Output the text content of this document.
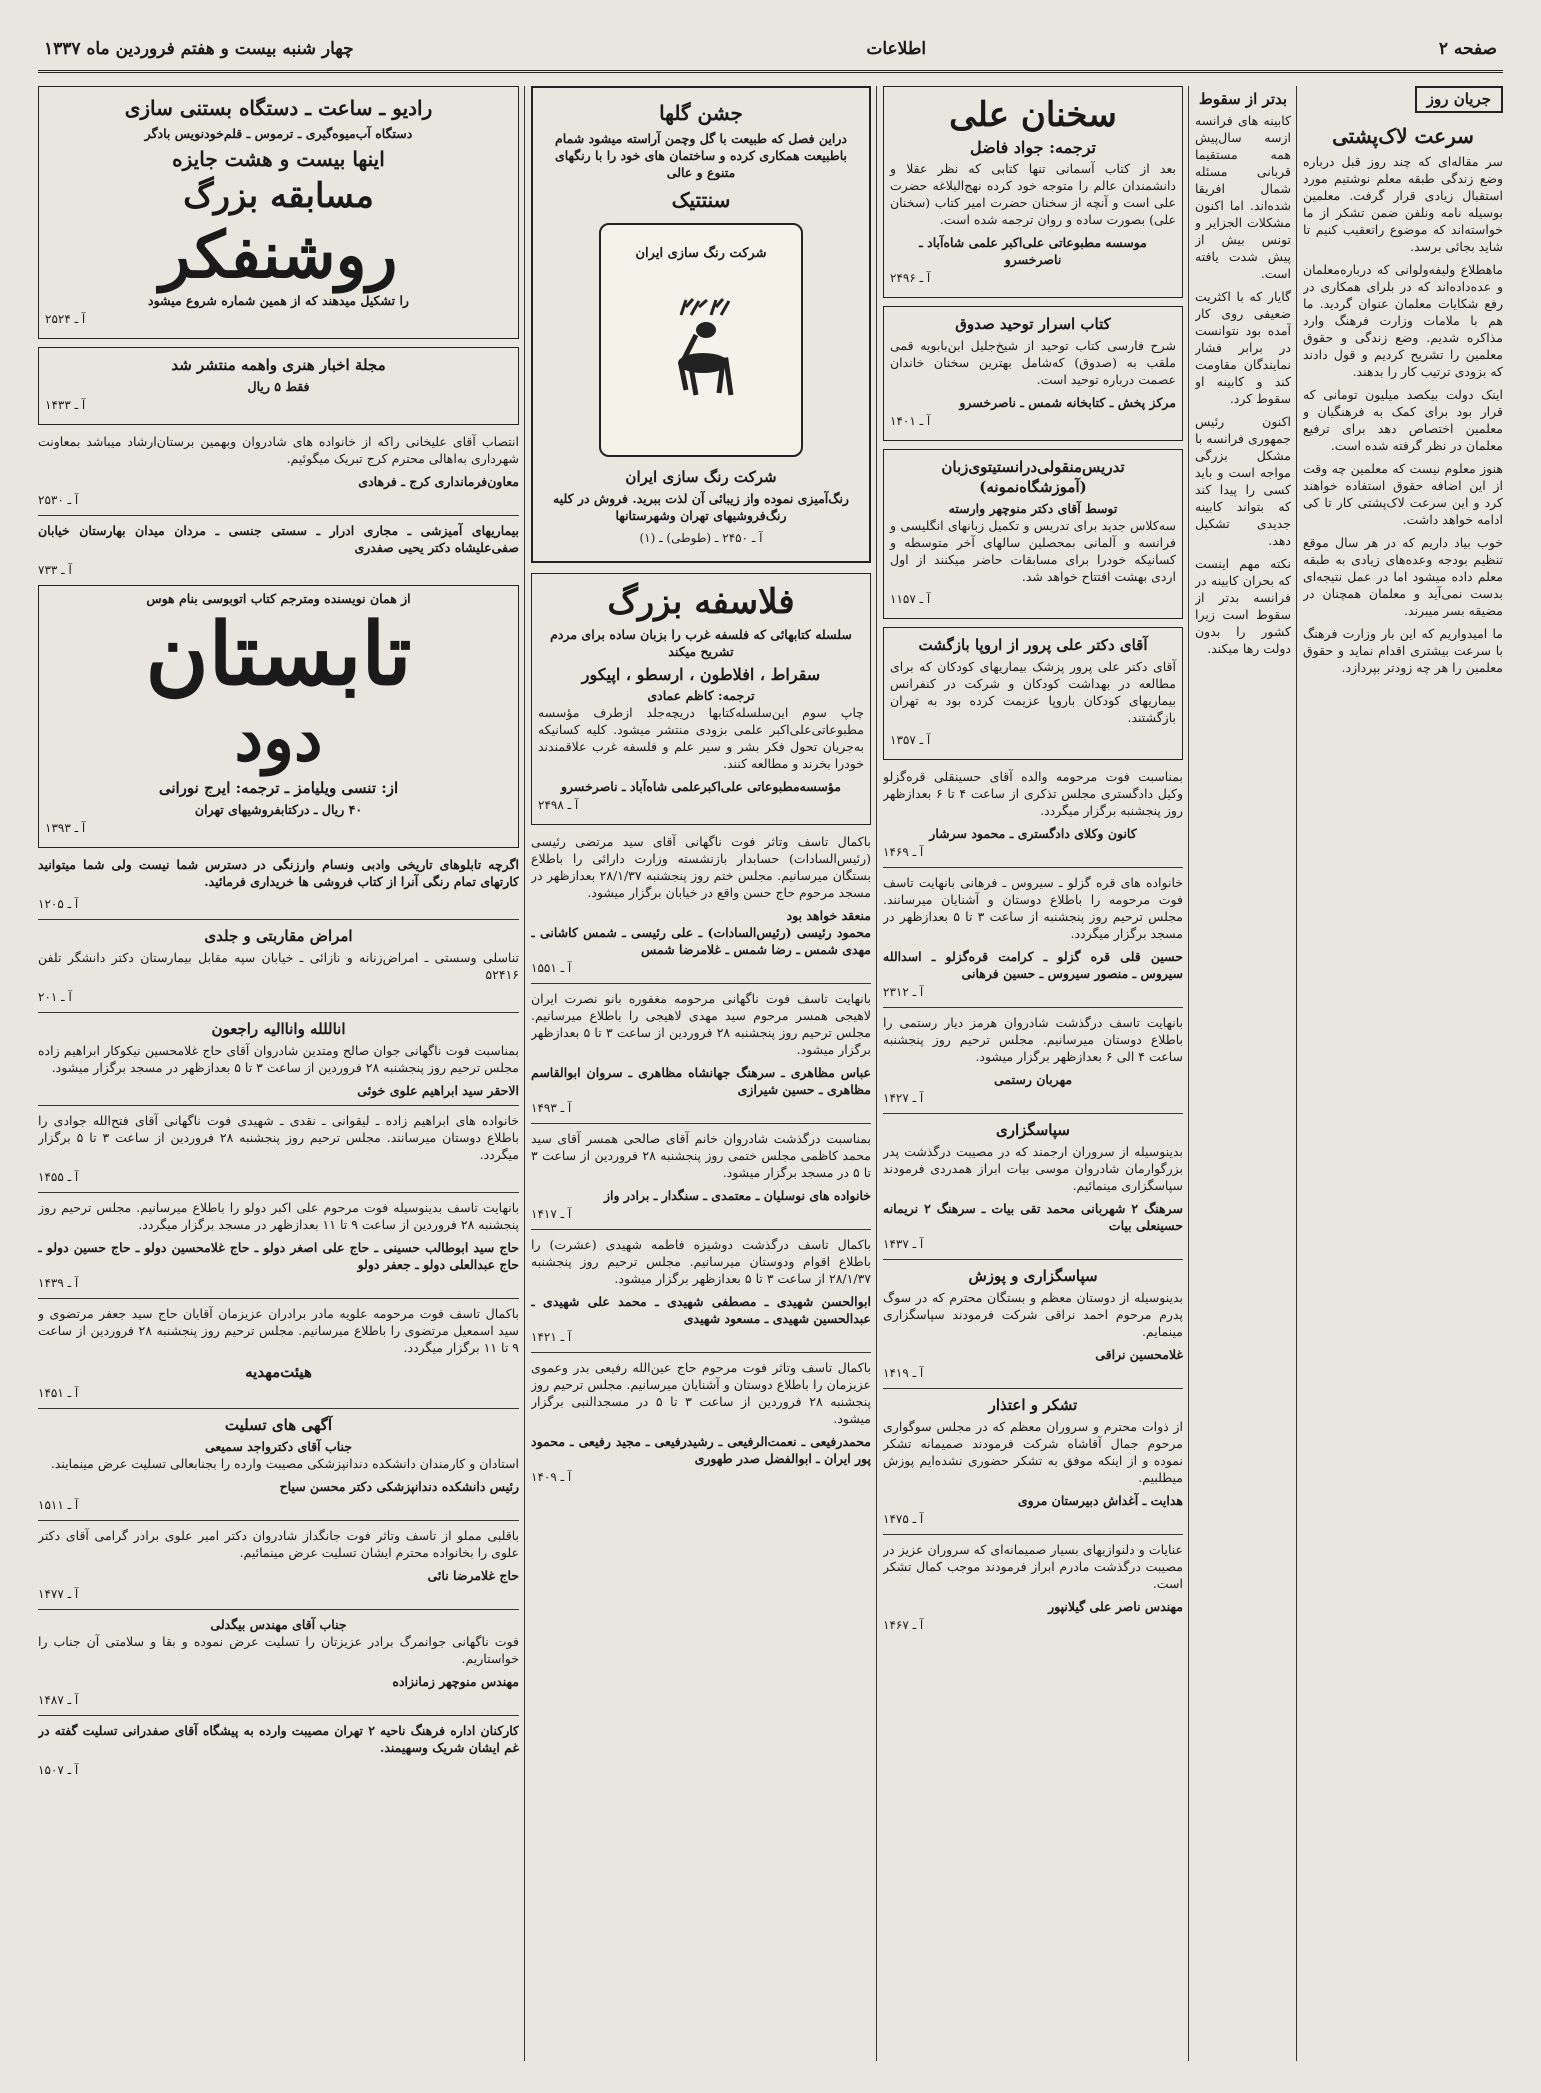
صفحه ۲
اطلاعات
چهار شنبه بیست و هفتم فروردین ماه ۱۳۳۷
جریان روز
سرعت لاک‌پشتی

سر مقاله‌ای که چند روز قبل درباره وضع زندگی طبقه معلم نوشتیم مورد استقبال زیادی قرار گرفت. معلمین بوسیله نامه ونلفن ضمن تشکر از ما خواسته‌اند که موضوع راتعقیب کنیم تا شاید بجائی برسد.

ماهطلاع ولیفه‌ولوانی که درباره‌معلمان و عده‌داده‌اند که در بلرای همکاری در رفع شکایات معلمان عنوان گردید. ما هم با ملامات وزارت فرهنگ وارد مذاکره شدیم. وضع زندگی و حقوق معلمین را تشریح کردیم و قول دادند که بزودی ترتیب کار را بدهند.

اینک دولت بیکصد میلیون تومانی که قرار بود برای کمک به فرهنگیان و معلمین اختصاص دهد برای ترفیع معلمان در نظر گرفته شده است.

هنوز معلوم نیست که معلمین چه وقت از این اضافه حقوق استفاده خواهند کرد و این سرعت لاک‌پشتی کار تا کی ادامه خواهد داشت.

خوب بیاد داریم که در هر سال موقع تنظیم بودجه وعده‌های زیادی به طبقه معلم داده میشود اما در عمل نتیجه‌ای بدست نمی‌آید و معلمان همچنان در مضیقه بسر میبرند.

ما امیدواریم که این بار وزارت فرهنگ با سرعت بیشتری اقدام نماید و حقوق معلمین را هر چه زودتر بپردازد.

بدتر از سقوط

کابینه های فرانسه ازسه سال‌پیش همه مستقیما قربانی مسئله شمال افریقا شده‌اند. اما اکنون مشکلات الجزایر و تونس بیش از پیش شدت یافته است.

گایار که با اکثریت ضعیفی روی کار آمده بود نتوانست در برابر فشار نمایندگان مقاومت کند و کابینه او سقوط کرد.

اکنون رئیس جمهوری فرانسه با مشکل بزرگی مواجه است و باید کسی را پیدا کند که بتواند کابینه جدیدی تشکیل دهد.

نکته مهم اینست که بحران کابینه در فرانسه بدتر از سقوط است زیرا کشور را بدون دولت رها میکند.

سخنان علی
ترجمه: جواد فاضل

بعد از کتاب آسمانی تنها کتابی که نظر عقلا و دانشمندان عالم را متوجه خود کرده نهج‌البلاغه حضرت علی است و آنچه از سخنان حضرت امیر کتاب (سخنان علی) بصورت ساده و روان ترجمه شده است.

موسسه مطبوعاتی علی‌اکبر علمی شاه‌آباد ـ ناصرخسرو
آ ـ ۲۴۹۶
کتاب اسرار توحید صدوق

شرح فارسی کتاب توحید از شیخ‌جلیل ابن‌بابویه قمی ملقب به (صدوق) که‌شامل بهترین سخنان خاندان عصمت درباره توحید است.

مرکز پخش ـ کتابخانه شمس ـ ناصرخسرو
آ ـ ۱۴۰۱
تدریس‌منقولی‌در‌انستیتوی‌زبان (آموزشگاه‌نمونه)
توسط آقای دکتر منوچهر وارسته

سه‌کلاس جدید برای تدریس و تکمیل زبانهای انگلیسی و فرانسه و آلمانی بمحصلین سالهای آخر متوسطه و کسانیکه خودرا برای مسابقات حاضر میکنند از اول اردی بهشت افتتاح خواهد شد.

آ ـ ۱۱۵۷
آقای دکتر علی پرور از اروپا بازگشت

آقای دکتر علی پرور پزشک بیماریهای کودکان که برای مطالعه در بهداشت کودکان و شرکت در کنفرانس بیماریهای کودکان باروپا عزیمت کرده بود به تهران بازگشتند.

آ ـ ۱۳۵۷

بمناسبت فوت مرحومه والده آقای حسینقلی قره‌گزلو وکیل دادگستری مجلس تذکری از ساعت ۴ تا ۶ بعدازظهر روز پنجشنبه برگزار میگردد.

کانون وکلای دادگستری ـ محمود سرشار
آ ـ ۱۴۶۹

خانواده های قره گزلو ـ سیروس ـ فرهانی بانهایت تاسف فوت مرحومه را باطلاع دوستان و آشنایان میرسانند. مجلس ترحیم روز پنجشنبه از ساعت ۳ تا ۵ بعدازظهر در مسجد برگزار میگردد.

حسین قلی قره گزلو ـ کرامت قره‌گزلو ـ اسدالله سیروس ـ منصور سیروس ـ حسین فرهانی
آ ـ ۲۳۱۲

بانهایت تاسف درگذشت شادروان هرمز دیار رستمی را باطلاع دوستان میرسانیم. مجلس ترحیم روز پنجشنبه ساعت ۴ الی ۶ بعدازظهر برگزار میشود.

مهربان رستمی
آ ـ ۱۴۲۷
سپاسگزاری

بدینوسیله از سروران ارجمند که در مصیبت درگذشت پدر بزرگوارمان شادروان موسی بیات ابراز همدردی فرمودند سپاسگزاری مینمائیم.

سرهنگ ۲ شهربانی محمد تقی بیات ـ سرهنگ ۲ نریمانه حسینعلی بیات
آ ـ ۱۴۳۷
سپاسگزاری و پوزش

بدینوسیله از دوستان معظم و بستگان محترم که در سوگ پدرم مرحوم احمد نراقی شرکت فرمودند سپاسگزاری مینمایم.

غلامحسین نراقی
آ ـ ۱۴۱۹
تشکر و اعتذار

از ذوات محترم و سروران معظم که در مجلس سوگواری مرحوم جمال آقاشاه شرکت فرمودند صمیمانه تشکر نموده و از اینکه موفق به تشکر حضوری نشده‌ایم پوزش میطلبیم.

هدایت ـ آغداش دبیرستان مروی
آ ـ ۱۴۷۵

عنایات و دلنوازیهای بسیار صمیمانه‌ای که سروران عزیز در مصیبت درگذشت مادرم ابراز فرمودند موجب کمال تشکر است.

مهندس ناصر علی گیلانپور
آ ـ ۱۴۶۷
جشن گلها

دراین فصل که طبیعت با گل وچمن آراسته میشود شمام باطبیعت همکاری کرده و ساختمان های خود را با رنگهای متنوع و عالی

سنتتیک
شرکت رنگ سازی ایران
شرکت رنگ سازی ایران

رنگ‌آمیزی نموده واز زیبائی آن لذت ببرید. فروش در کلیه رنگ‌فروشیهای تهران وشهرستانها

آ ـ ۲۴۵۰ ـ (طوطی) ـ (۱)
فلاسفه بزرگ

سلسله کتابهائی که فلسفه غرب را بزبان ساده برای مردم تشریح میکند

سقراط ، افلاطون ، ارسطو ، اپیکور
ترجمه: کاظم عمادی

چاپ سوم این‌سلسله‌کتابها دریچه‌جلد ازطرف مؤسسه مطبوعاتی‌علی‌اکبر علمی بزودی منتشر میشود. کلیه کسانیکه به‌جریان تحول فکر بشر و سیر علم و فلسفه غرب علاقمندند خودرا بخرند و مطالعه کنند.

مؤسسه‌مطبوعاتی علی‌اکبرعلمی شاه‌آباد ـ ناصرخسرو
آ ـ ۲۴۹۸

باکمال تاسف وتاثر فوت ناگهانی آقای سید مرتضی رئیسی (رئیس‌السادات) حسابدار بازنشسته وزارت دارائی را باطلاع بستگان میرسانیم. مجلس ختم روز پنجشنبه ۲۸/۱/۳۷ بعدازظهر در مسجد مرحوم حاج حسن واقع در خیابان برگزار میشود.

منعقد خواهد بود
محمود رئیسی (رئیس‌السادات) ـ علی رئیسی ـ شمس کاشانی ـ مهدی شمس ـ رضا شمس ـ غلامرضا شمس
آ ـ ۱۵۵۱

بانهایت تاسف فوت ناگهانی مرحومه مغفوره بانو نصرت ایران لاهیجی همسر مرحوم سید مهدی لاهیجی را باطلاع میرسانیم. مجلس ترحیم روز پنجشنبه ۲۸ فروردین از ساعت ۳ تا ۵ بعدازظهر برگزار میشود.

عباس مظاهری ـ سرهنگ جهانشاه مظاهری ـ سروان ابوالقاسم مظاهری ـ حسین شیرازی
آ ـ ۱۴۹۳

بمناسبت درگذشت شادروان خانم آقای صالحی همسر آقای سید محمد کاظمی مجلس ختمی روز پنجشنبه ۲۸ فروردین از ساعت ۳ تا ۵ در مسجد برگزار میشود.

خانواده های نوسلیان ـ معتمدی ـ سنگدار ـ برادر واز
آ ـ ۱۴۱۷

باکمال تاسف درگذشت دوشیزه فاطمه شهیدی (عشرت) را باطلاع اقوام ودوستان میرسانیم. مجلس ترحیم روز پنجشنبه ۲۸/۱/۳۷ از ساعت ۳ تا ۵ بعدازظهر برگزار میشود.

ابوالحسن شهیدی ـ مصطفی شهیدی ـ محمد علی شهیدی ـ عبدالحسین شهیدی ـ مسعود شهیدی
آ ـ ۱۴۲۱

باکمال تاسف وتاثر فوت مرحوم حاج عین‌الله رفیعی بدر وعموی عزیزمان را باطلاع دوستان و آشنایان میرسانیم. مجلس ترحیم روز پنجشنبه ۲۸ فروردین از ساعت ۳ تا ۵ در مسجدالنبی برگزار میشود.

محمدرفیعی ـ نعمت‌الرفیعی ـ رشیدرفیعی ـ مجید رفیعی ـ محمود پور ایران ـ ابوالفضل صدر طهوری
آ ـ ۱۴۰۹
رادیو ـ ساعت ـ دستگاه بستنی سازی
دستگاه آب‌میوه‌گیری ـ ترموس ـ قلم‌خودنویس بادگر
اینها بیست و هشت جایزه
مسابقه بزرگ
روشنفکر
را تشکیل میدهند که از همین شماره شروع میشود
آ ـ ۲۵۲۴
مجلة اخبار هنری واهمه منتشر شد
فقط ۵ ریال
آ ـ ۱۴۳۳

انتصاب آقای علیخانی راکه از خانواده های شادروان وبهمین برستان‌ارشاد میباشد بمعاونت شهرداری به‌اهالی محترم کرج تبریک میگوئیم.

معاون‌فرمانداری کرج ـ فرهادی
آ ـ ۲۵۳۰

بیماریهای آمیزشی ـ مجاری ادرار ـ سستی جنسی ـ مردان میدان بهارستان خیابان صفی‌علیشاه دکتر یحیی صفدری

آ ـ ۷۳۳
از همان نویسنده ومترجم کتاب اتوبوسی بنام هوس
تابستان
دود
از: تنسی ویلیامز ـ ترجمه: ایرج نورانی
۴۰ ریال ـ درکتابفروشیهای تهران
آ ـ ۱۳۹۳

اگرچه تابلوهای تاریخی وادبی ونسام وارزنگی در دسترس شما نیست ولی شما میتوانید کارتهای تمام رنگی آنرا از کتاب فروشی ها خریداری فرمائید.

آ ـ ۱۲۰۵
امراض مقاربتی و جلدی

تناسلی وسستی ـ امراض‌زنانه و نازائی ـ خیابان سپه مقابل بیمارستان دکتر دانشگر تلفن ۵۲۴۱۶

آ ـ ۲۰۱
اناللله وانااليه راجعون

بمناسبت فوت ناگهانی جوان صالح ومتدین شادروان آقای حاج غلامحسین نیکوکار ابراهیم زاده مجلس ترحیم روز پنجشنبه ۲۸ فروردین از ساعت ۳ تا ۵ بعدازظهر در مسجد برگزار میشود.

الاحقر سید ابراهیم علوی خوئی

خانواده های ابراهیم زاده ـ لیقوانی ـ نقدی ـ شهیدی فوت ناگهانی آقای فتح‌الله جوادی را باطلاع دوستان میرسانند. مجلس ترحیم روز پنجشنبه ۲۸ فروردین از ساعت ۳ تا ۵ برگزار میگردد.

آ ـ ۱۴۵۵

بانهایت تاسف بدینوسیله فوت مرحوم علی اکبر دولو را باطلاع میرسانیم. مجلس ترحیم روز پنجشنبه ۲۸ فروردین از ساعت ۹ تا ۱۱ بعدازظهر در مسجد برگزار میگردد.

حاج سید ابوطالب حسینی ـ حاج علی اصغر دولو ـ حاج غلامحسین دولو ـ حاج حسین دولو ـ حاج عبدالعلی دولو ـ جعفر دولو
آ ـ ۱۴۳۹

باکمال تاسف فوت مرحومه علویه مادر برادران عزیزمان آقایان حاج سید جعفر مرتضوی و سید اسمعیل مرتضوی را باطلاع میرسانیم. مجلس ترحیم روز پنجشنبه ۲۸ فروردین از ساعت ۹ تا ۱۱ برگزار میگردد.

هیئت‌مهدیه
آ ـ ۱۴۵۱
آگهی های تسلیت
جناب آقای دکترواجد سمیعی

استادان و کارمندان دانشکده دندانپزشکی مصیبت وارده را بجنابعالی تسلیت عرض مینمایند.

رئیس دانشکده دندانپزشکی دکتر محسن سیاح
آ ـ ۱۵۱۱

باقلبی مملو از تاسف وتاثر فوت جانگداز شادروان دکتر امیر علوی برادر گرامی آقای دکتر علوی را بخانواده محترم ایشان تسلیت عرض مینمائیم.

حاج غلامرضا نائی
آ ـ ۱۴۷۷
جناب آقای مهندس بیگدلی

فوت ناگهانی جوانمرگ برادر عزیزتان را تسلیت عرض نموده و بقا و سلامتی آن جناب را خواستاریم.

مهندس منوچهر زمانزاده
آ ـ ۱۴۸۷

کارکنان اداره فرهنگ ناحیه ۲ تهران مصیبت وارده به پیشگاه آقای صفدرانی تسلیت گفته در غم ایشان شریک وسهیمند.

آ ـ ۱۵۰۷
